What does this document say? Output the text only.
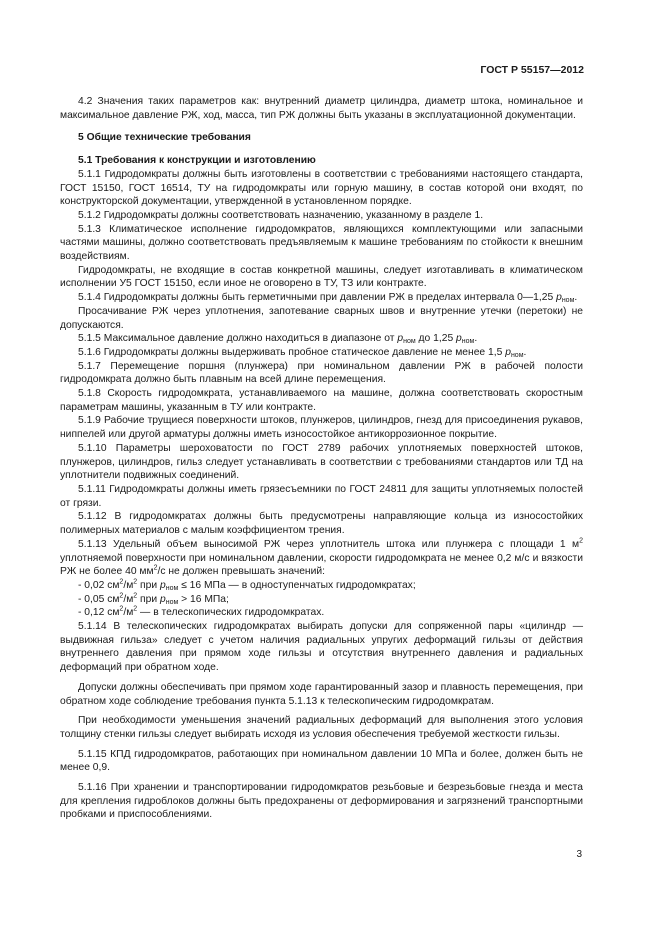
ГОСТ Р 55157—2012

4.2 Значения таких параметров как: внутренний диаметр цилиндра, диаметр штока, номинальное и максимальное давление РЖ, ход, масса, тип РЖ должны быть указаны в эксплуатационной документации.

5 Общие технические требования

5.1 Требования к конструкции и изготовлению

5.1.1 Гидродомкраты должны быть изготовлены в соответствии с требованиями настоящего стандарта, ГОСТ 15150, ГОСТ 16514, ТУ на гидродомкраты или горную машину, в состав которой они входят, по конструкторской документации, утвержденной в установленном порядке.

5.1.2 Гидродомкраты должны соответствовать назначению, указанному в разделе 1.

5.1.3 Климатическое исполнение гидродомкратов, являющихся комплектующими или запасными частями машины, должно соответствовать предъявляемым к машине требованиям по стойкости к внешним воздействиям.

Гидродомкраты, не входящие в состав конкретной машины, следует изготавливать в климатическом исполнении У5 ГОСТ 15150, если иное не оговорено в ТУ, ТЗ или контракте.

5.1.4 Гидродомкраты должны быть герметичными при давлении РЖ в пределах интервала 0—1,25 $p_{ном}$.

Просачивание РЖ через уплотнения, запотевание сварных швов и внутренние утечки (перетоки) не допускаются.

5.1.5 Максимальное давление должно находиться в диапазоне от $p_{ном}$ до 1,25 $p_{ном}$.

5.1.6 Гидродомкраты должны выдерживать пробное статическое давление не менее 1,5 $p_{ном}$.

5.1.7 Перемещение поршня (плунжера) при номинальном давлении РЖ в рабочей полости гидродомкрата должно быть плавным на всей длине перемещения.

5.1.8 Скорость гидродомкрата, устанавливаемого на машине, должна соответствовать скоростным параметрам машины, указанным в ТУ или контракте.

5.1.9 Рабочие трущиеся поверхности штоков, плунжеров, цилиндров, гнезд для присоединения рукавов, ниппелей или другой арматуры должны иметь износостойкое антикоррозионное покрытие.

5.1.10 Параметры шероховатости по ГОСТ 2789 рабочих уплотняемых поверхностей штоков, плунжеров, цилиндров, гильз следует устанавливать в соответствии с требованиями стандартов или ТД на уплотнители подвижных соединений.

5.1.11 Гидродомкраты должны иметь грязесъемники по ГОСТ 24811 для защиты уплотняемых полостей от грязи.

5.1.12 В гидродомкратах должны быть предусмотрены направляющие кольца из износостойких полимерных материалов с малым коэффициентом трения.

5.1.13 Удельный объем выносимой РЖ через уплотнитель штока или плунжера с площади 1 $м^2$ уплотняемой поверхности при номинальном давлении, скорости гидродомкрата не менее 0,2 м/с и вязкости РЖ не более 40 $мм^2/с$ не должен превышать значений:

- 0,02 $см^2/м^2$ при $p_{ном} \le 16$ МПа — в одноступенчатых гидродомкратах;

- 0,05 $см^2/м^2$ при $p_{ном} > 16$ МПа;

- 0,12 $см^2/м^2$ — в телескопических гидродомкратах.

5.1.14 В телескопических гидродомкратах выбирать допуски для сопряженной пары «цилиндр — выдвижная гильза» следует с учетом наличия радиальных упругих деформаций гильзы от действия внутреннего давления при прямом ходе гильзы и отсутствия внутреннего давления и радиальных деформаций при обратном ходе.

Допуски должны обеспечивать при прямом ходе гарантированный зазор и плавность перемещения, при обратном ходе соблюдение требования пункта 5.1.13 к телескопическим гидродомкратам.

При необходимости уменьшения значений радиальных деформаций для выполнения этого условия толщину стенки гильзы следует выбирать исходя из условия обеспечения требуемой жесткости гильзы.

5.1.15 КПД гидродомкратов, работающих при номинальном давлении 10 МПа и более, должен быть не менее 0,9.

5.1.16 При хранении и транспортировании гидродомкратов резьбовые и безрезьбовые гнезда и места для крепления гидроблоков должны быть предохранены от деформирования и загрязнений транспортными пробками и приспособлениями.

3
